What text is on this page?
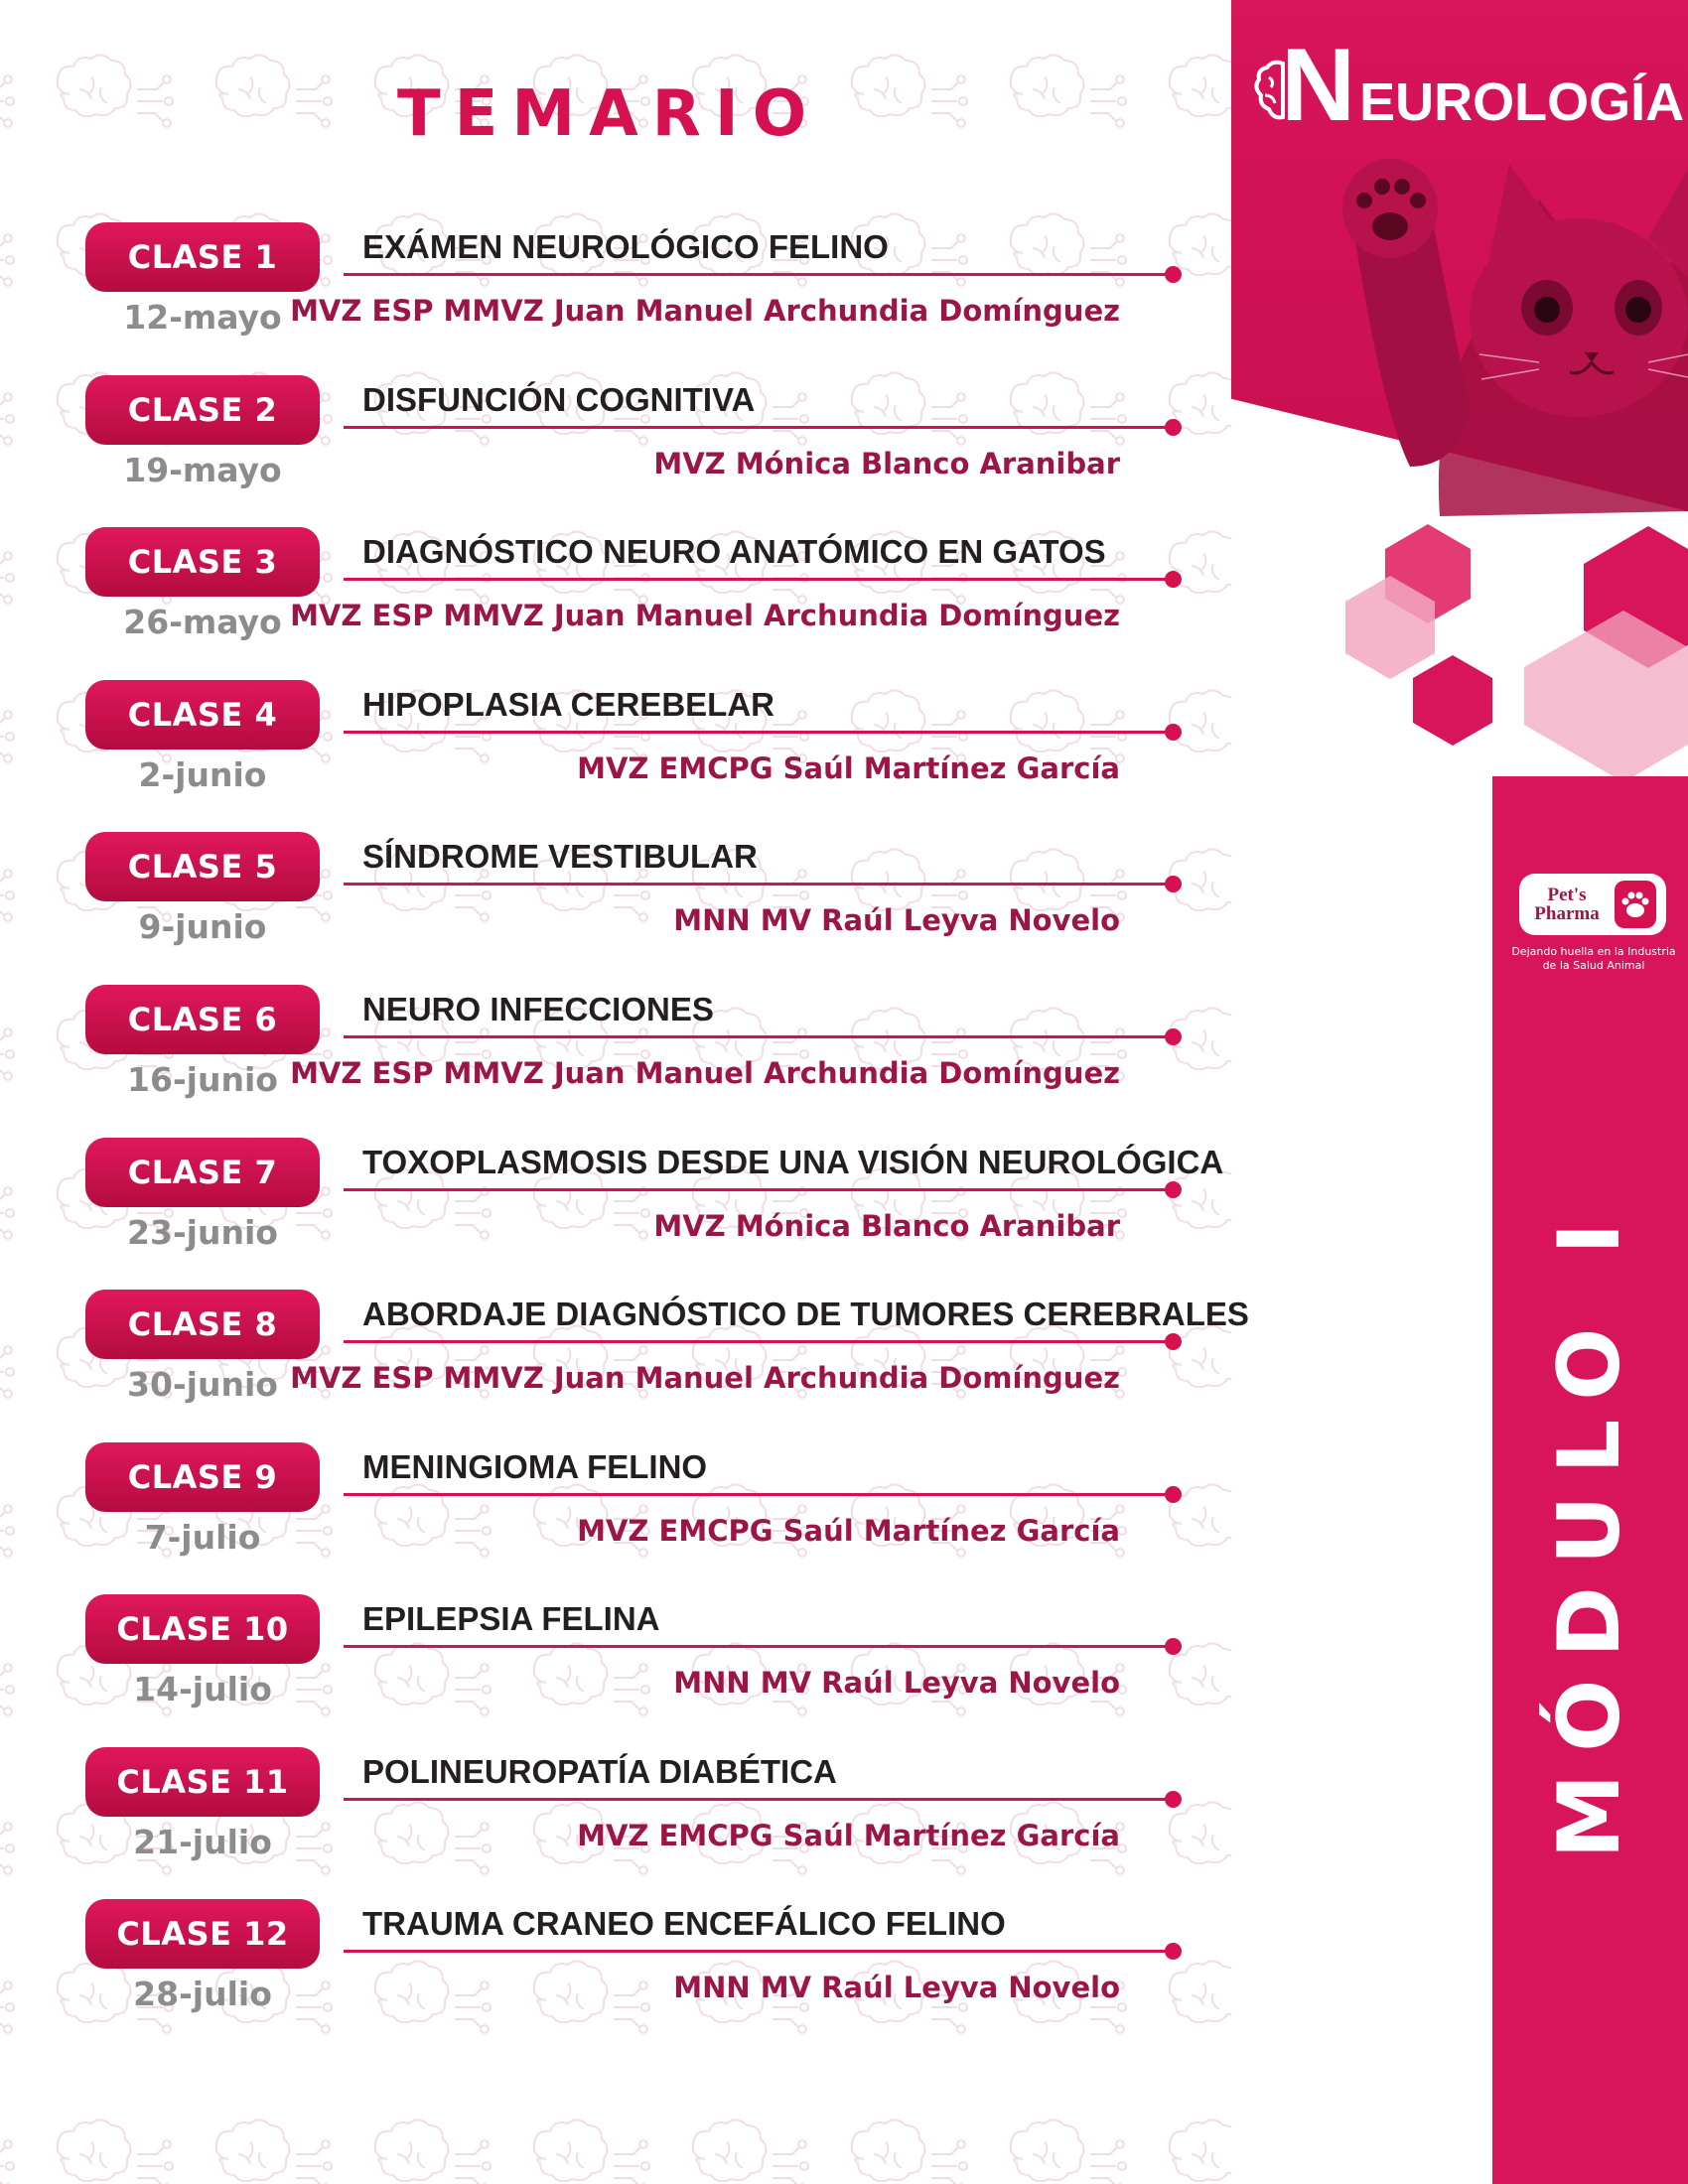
TEMARIO	N EUROLOGÍA
Pet's
Pharma
Dejando huella en la Industria de la Salud Animal
MÓDULO I
CLASE 1
12-mayo
EXÁMEN NEUROLÓGICO FELINO
MVZ ESP MMVZ Juan Manuel Archundia Domínguez
CLASE 2
19-mayo
DISFUNCIÓN COGNITIVA
MVZ Mónica Blanco Aranibar
CLASE 3
26-mayo
DIAGNÓSTICO NEURO ANATÓMICO EN GATOS
MVZ ESP MMVZ Juan Manuel Archundia Domínguez
CLASE 4
2-junio
HIPOPLASIA CEREBELAR
MVZ EMCPG Saúl Martínez García
CLASE 5
9-junio
SÍNDROME VESTIBULAR
MNN MV Raúl Leyva Novelo
CLASE 6
16-junio
NEURO INFECCIONES
MVZ ESP MMVZ Juan Manuel Archundia Domínguez
CLASE 7
23-junio
TOXOPLASMOSIS DESDE UNA VISIÓN NEUROLÓGICA
MVZ Mónica Blanco Aranibar
CLASE 8
30-junio
ABORDAJE DIAGNÓSTICO DE TUMORES CEREBRALES
MVZ ESP MMVZ Juan Manuel Archundia Domínguez
CLASE 9
7-julio
MENINGIOMA FELINO
MVZ EMCPG Saúl Martínez García
CLASE 10
14-julio
EPILEPSIA FELINA
MNN MV Raúl Leyva Novelo
CLASE 11
21-julio
POLINEUROPATÍA DIABÉTICA
MVZ EMCPG Saúl Martínez García
CLASE 12
28-julio
TRAUMA CRANEO ENCEFÁLICO FELINO
MNN MV Raúl Leyva Novelo
